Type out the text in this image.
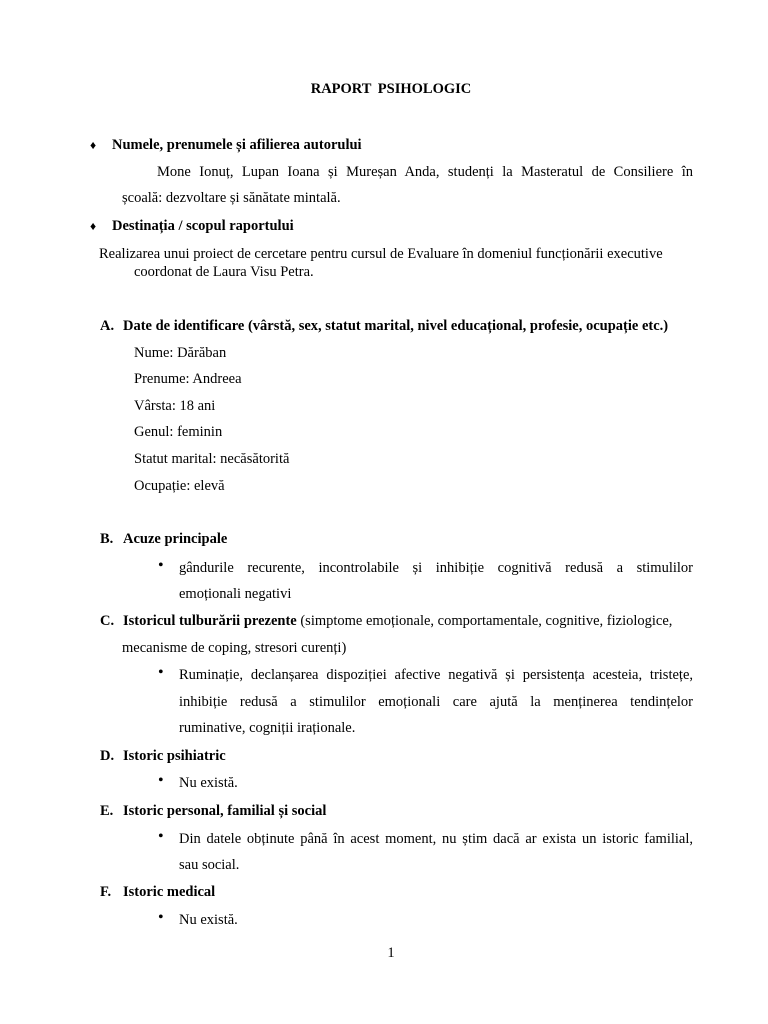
RAPORT PSIHOLOGIC
♦ Numele, prenumele și afilierea autorului
Mone Ionuț, Lupan Ioana și Mureșan Anda, studenți la Masteratul de Consiliere în
școală: dezvoltare și sănătate mintală.
♦ Destinația / scopul raportului
Realizarea unui proiect de cercetare pentru cursul de Evaluare în domeniul funcționării executive
coordonat de Laura Visu Petra.
A. Date de identificare (vârstă, sex, statut marital, nivel educațional, profesie, ocupație etc.)
Nume: Dărăban
Prenume: Andreea
Vârsta: 18 ani
Genul: feminin
Statut marital: necăsătorită
Ocupație: elevă
B. Acuze principale
• gândurile recurente, incontrolabile și inhibiție cognitivă redusă a stimulilor
emoționali negativi
C. Istoricul tulburării prezente (simptome emoționale, comportamentale, cognitive, fiziologice,
mecanisme de coping, stresori curenți)
• Ruminație, declanșarea dispoziției afective negativă și persistența acesteia, tristețe,
inhibiție redusă a stimulilor emoționali care ajută la menținerea tendințelor
ruminative, cogniții iraționale.
D. Istoric psihiatric
• Nu există.
E. Istoric personal, familial și social
• Din datele obținute până în acest moment, nu știm dacă ar exista un istoric familial,
sau social.
F. Istoric medical
• Nu există.
1
